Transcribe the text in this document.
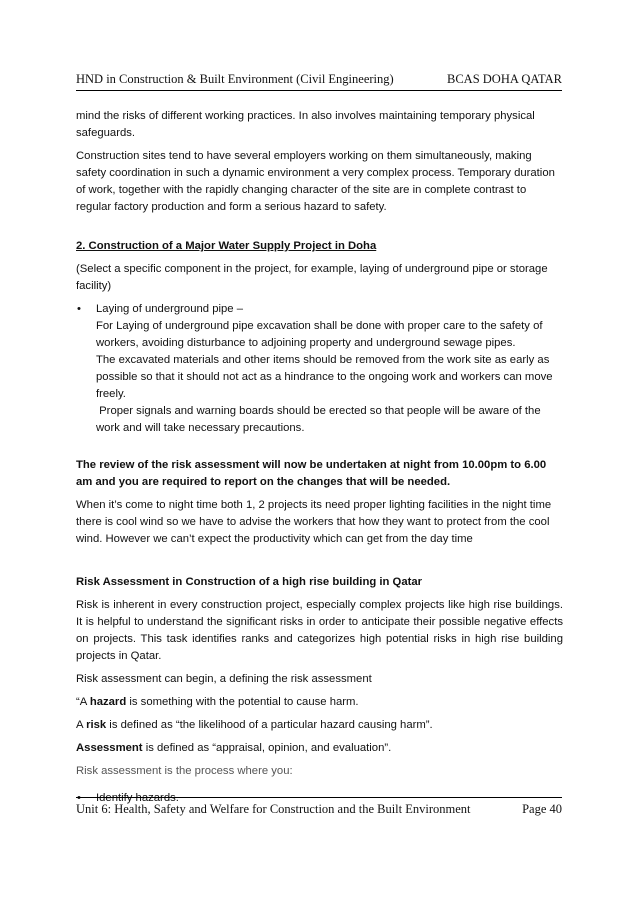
HND in Construction & Built Environment (Civil Engineering)	BCAS DOHA QATAR

mind the risks of different working practices. In also involves maintaining temporary physical safeguards.

Construction sites tend to have several employers working on them simultaneously, making safety coordination in such a dynamic environment a very complex process. Temporary duration of work, together with the rapidly changing character of the site are in complete contrast to regular factory production and form a serious hazard to safety.

2. Construction of a Major Water Supply Project in Doha

(Select a specific component in the project, for example, laying of underground pipe or storage facility)

• Laying of underground pipe –
For Laying of underground pipe excavation shall be done with proper care to the safety of workers, avoiding disturbance to adjoining property and underground sewage pipes.
The excavated materials and other items should be removed from the work site as early as possible so that it should not act as a hindrance to the ongoing work and workers can move freely.
Proper signals and warning boards should be erected so that people will be aware of the work and will take necessary precautions.

The review of the risk assessment will now be undertaken at night from 10.00pm to 6.00 am and you are required to report on the changes that will be needed.

When it’s come to night time both 1, 2 projects its need proper lighting facilities in the night time there is cool wind so we have to advise the workers that how they want to protect from the cool wind. However we can’t expect the productivity which can get from the day time

Risk Assessment in Construction of a high rise building in Qatar

Risk is inherent in every construction project, especially complex projects like high rise buildings. It is helpful to understand the significant risks in order to anticipate their possible negative effects on projects. This task identifies ranks and categorizes high potential risks in high rise building projects in Qatar.

Risk assessment can begin, a defining the risk assessment

“A hazard is something with the potential to cause harm.

A risk is defined as “the likelihood of a particular hazard causing harm”.

Assessment is defined as “appraisal, opinion, and evaluation”.

Risk assessment is the process where you:

• Identify hazards.
Unit 6: Health, Safety and Welfare for Construction and the Built Environment	Page 40
